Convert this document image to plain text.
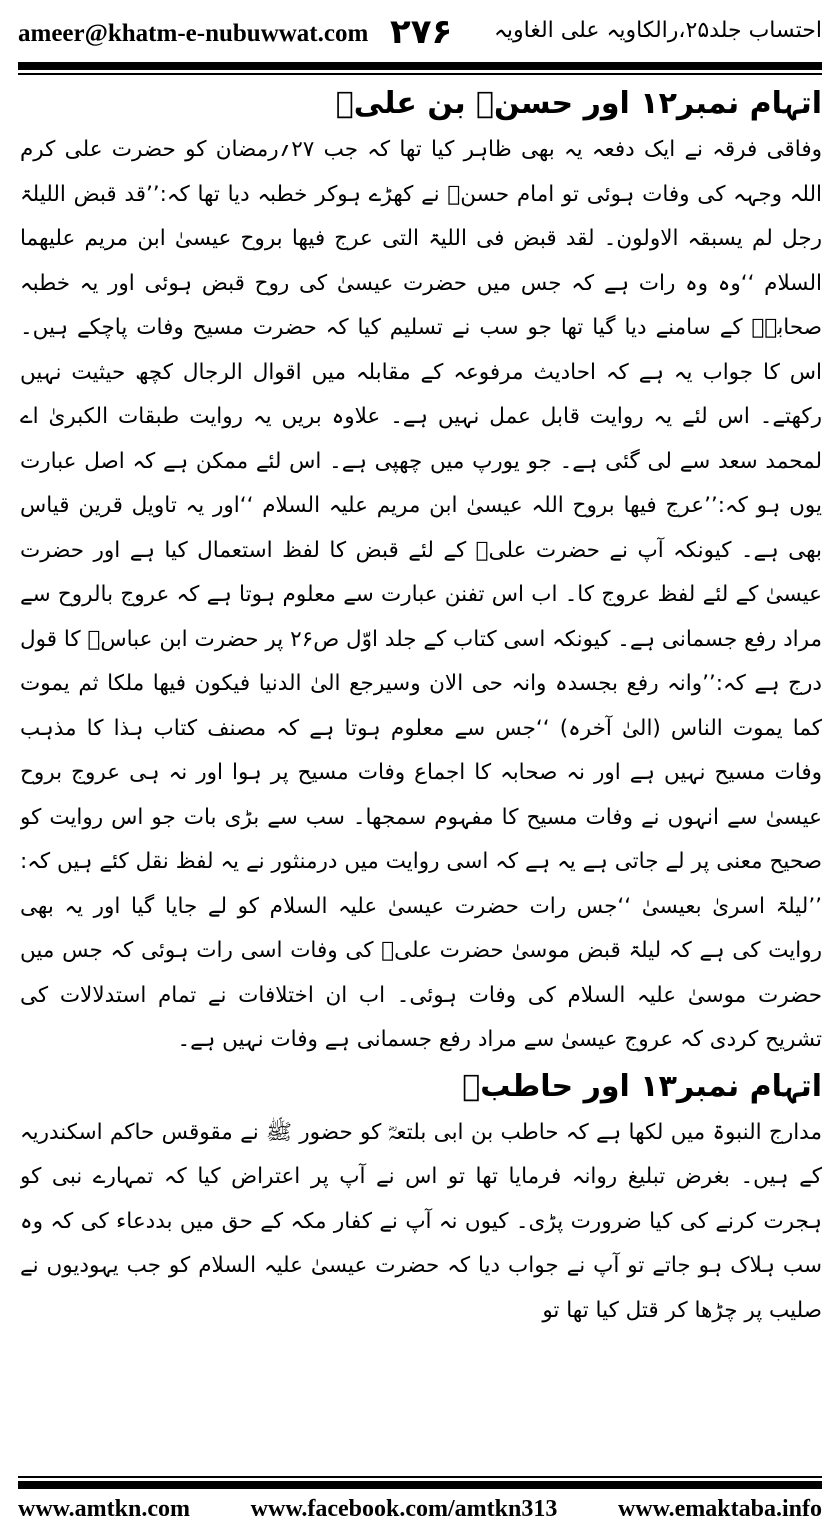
ameer@khatm-e-nubuwwat.com ۲۷۶ احتساب جلد۲۵،رالکاویہ علی الغاویہ
اتہام نمبر۱۲ اور حسنؓ بن علیؓ

وفاقی فرقہ نے ایک دفعہ یہ بھی ظاہر کیا تھا کہ جب ۲۷؍رمضان کو حضرت علی کرم اللہ وجہہ کی وفات ہوئی تو امام حسنؓ نے کھڑے ہوکر خطبہ دیا تھا کہ:’’قد قبض اللیلۃ رجل لم یسبقہ الاولون۔ لقد قبض فی اللیۃ التی عرج فیھا بروح عیسیٰ ابن مریم علیھما السلام ‘‘وہ وہ رات ہے کہ جس میں حضرت عیسیٰ کی روح قبض ہوئی اور یہ خطبہ صحابہؓ کے سامنے دیا گیا تھا جو سب نے تسلیم کیا کہ حضرت مسیح وفات پاچکے ہیں۔ اس کا جواب یہ ہے کہ احادیث مرفوعہ کے مقابلہ میں اقوال الرجال کچھ حیثیت نہیں رکھتے۔ اس لئے یہ روایت قابل عمل نہیں ہے۔ علاوہ بریں یہ روایت طبقات الکبریٰ اے لمحمد سعد سے لی گئی ہے۔ جو یورپ میں چھپی ہے۔ اس لئے ممکن ہے کہ اصل عبارت یوں ہو کہ:’’عرج فیھا بروح اللہ عیسیٰ ابن مریم علیہ السلام ‘‘اور یہ تاویل قرین قیاس بھی ہے۔ کیونکہ آپ نے حضرت علیؓ کے لئے قبض کا لفظ استعمال کیا ہے اور حضرت عیسیٰ کے لئے لفظ عروج کا۔ اب اس تفنن عبارت سے معلوم ہوتا ہے کہ عروج بالروح سے مراد رفع جسمانی ہے۔ کیونکہ اسی کتاب کے جلد اوّل ص۲۶ پر حضرت ابن عباسؓ کا قول درج ہے کہ:’’وانہ رفع بجسدہ وانہ حی الان وسیرجع الیٰ الدنیا فیکون فیھا ملکا ثم یموت کما یموت الناس (الیٰ آخرہ) ‘‘جس سے معلوم ہوتا ہے کہ مصنف کتاب ہذا کا مذہب وفات مسیح نہیں ہے اور نہ صحابہ کا اجماع وفات مسیح پر ہوا اور نہ ہی عروج بروح عیسیٰ سے انہوں نے وفات مسیح کا مفہوم سمجھا۔ سب سے بڑی بات جو اس روایت کو صحیح معنی پر لے جاتی ہے یہ ہے کہ اسی روایت میں درمنثور نے یہ لفظ نقل کئے ہیں کہ: ’’لیلۃ اسریٰ بعیسیٰ ‘‘جس رات حضرت عیسیٰ علیہ السلام کو لے جایا گیا اور یہ بھی روایت کی ہے کہ لیلۃ قبض موسیٰ حضرت علیؓ کی وفات اسی رات ہوئی کہ جس میں حضرت موسیٰ علیہ السلام کی وفات ہوئی۔ اب ان اختلافات نے تمام استدلالات کی تشریح کردی کہ عروج عیسیٰ سے مراد رفع جسمانی ہے وفات نہیں ہے۔

اتہام نمبر۱۳ اور حاطبؓ

مدارج النبوۃ میں لکھا ہے کہ حاطب بن ابی بلتعہؓ کو حضور ﷺ نے مقوقس حاکم اسکندریہ کے ہیں۔ بغرض تبلیغ روانہ فرمایا تھا تو اس نے آپ پر اعتراض کیا کہ تمہارے نبی کو ہجرت کرنے کی کیا ضرورت پڑی۔ کیوں نہ آپ نے کفار مکہ کے حق میں بددعاء کی کہ وہ سب ہلاک ہو جاتے تو آپ نے جواب دیا کہ حضرت عیسیٰ علیہ السلام کو جب یہودیوں نے صلیب پر چڑھا کر قتل کیا تھا تو

www.amtkn.com	www.facebook.com/amtkn313	www.emaktaba.info
